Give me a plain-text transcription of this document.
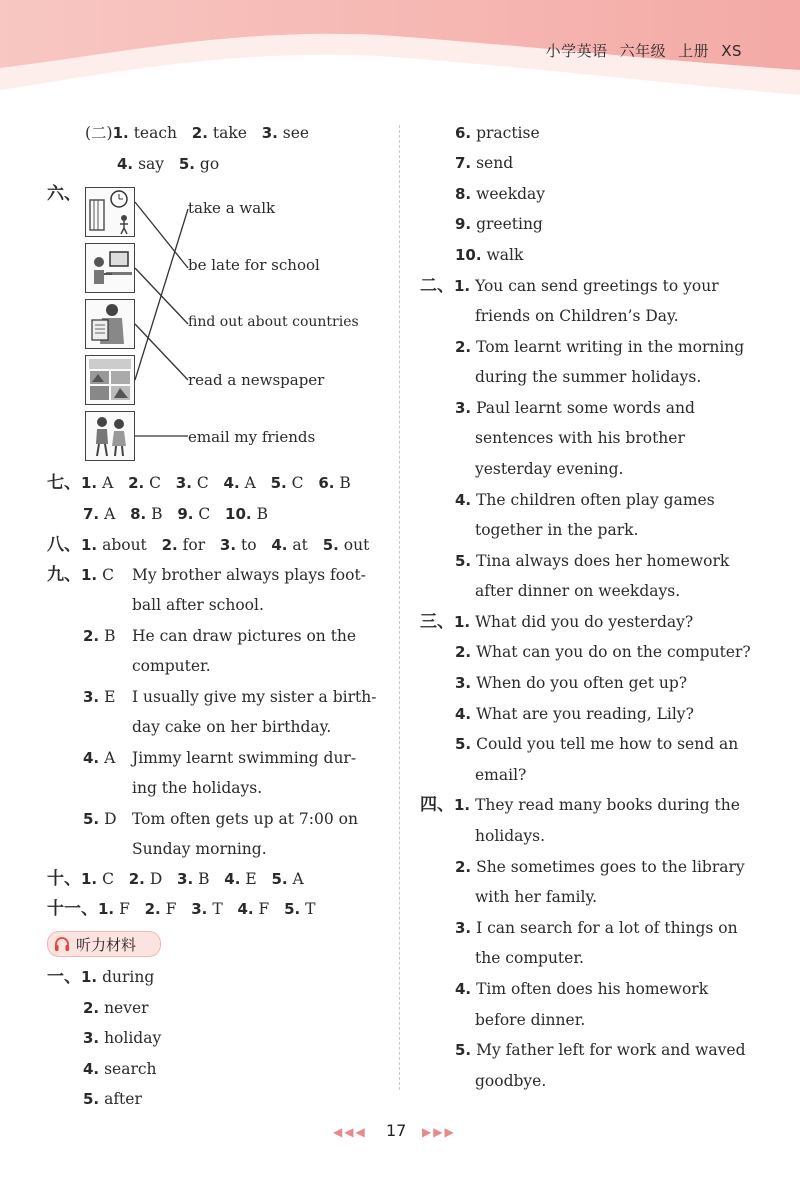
小学英语 六年级 上册 XS
(二)1. teach 2. take 3. see
4. say 5. go
六、
take a walk
be late for school
find out about countries
read a newspaper
email my friends
七、1. A 2. C 3. C 4. A 5. C 6. B
7. A 8. B 9. C 10. B
八、1. about 2. for 3. to 4. at 5. out
九、1. C My brother always plays foot-
ball after school.
2. B He can draw pictures on the
computer.
3. E I usually give my sister a birth-
day cake on her birthday.
4. A Jimmy learnt swimming dur-
ing the holidays.
5. D Tom often gets up at 7:00 on
Sunday morning.
十、1. C 2. D 3. B 4. E 5. A
十一、1. F 2. F 3. T 4. F 5. T
听力材料
一、1. during
2. never
3. holiday
4. search
5. after
6. practise
7. send
8. weekday
9. greeting
10. walk
二、1. You can send greetings to your
friends on Children’s Day.
2. Tom learnt writing in the morning
during the summer holidays.
3. Paul learnt some words and
sentences with his brother
yesterday evening.
4. The children often play games
together in the park.
5. Tina always does her homework
after dinner on weekdays.
三、1. What did you do yesterday?
2. What can you do on the computer?
3. When do you often get up?
4. What are you reading, Lily?
5. Could you tell me how to send an
email?
四、1. They read many books during the
holidays.
2. She sometimes goes to the library
with her family.
3. I can search for a lot of things on
the computer.
4. Tim often does his homework
before dinner.
5. My father left for work and waved
goodbye.
◀◀◀ 17 ▶▶▶
